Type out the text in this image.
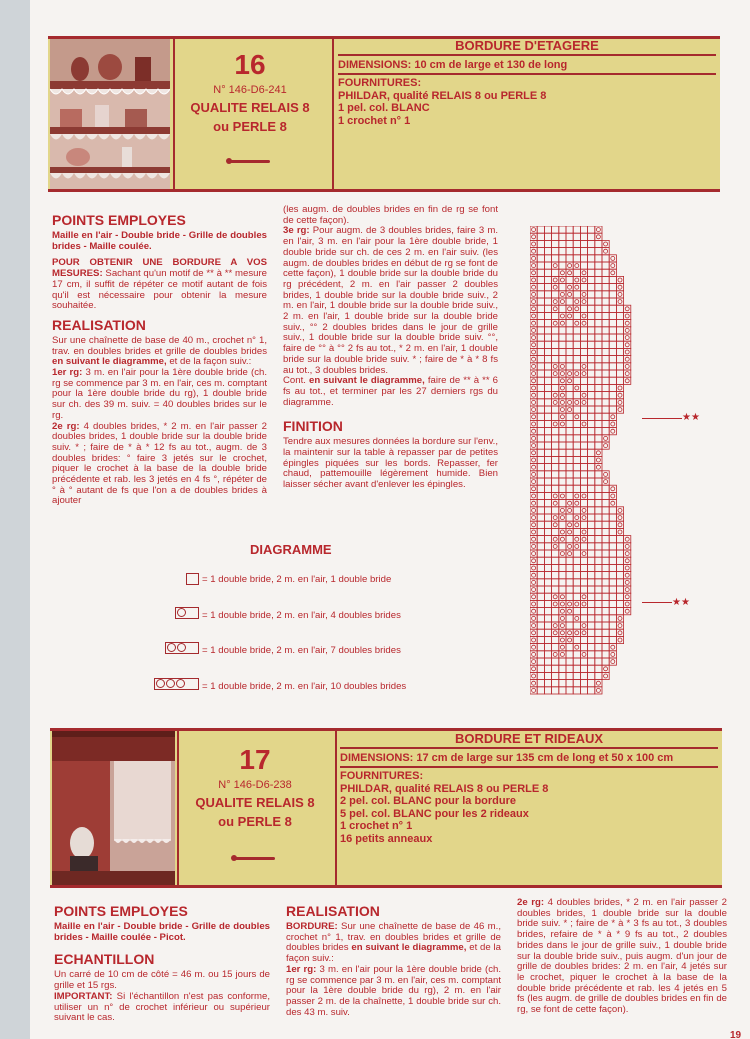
16
N° 146-D6-241
QUALITE RELAIS 8
ou PERLE 8
BORDURE D'ETAGERE
DIMENSIONS: 10 cm de large et 130 de long
FOURNITURES:
PHILDAR, qualité RELAIS 8 ou PERLE 8
1 pel. col. BLANC
1 crochet n° 1
POINTS EMPLOYES
Maille en l'air - Double bride - Grille de doubles brides - Maille coulée.
POUR OBTENIR UNE BORDURE A VOS MESURES: Sachant qu'un motif de ** à ** mesure 17 cm, il suffit de répéter ce motif autant de fois qu'il est nécessaire pour obtenir la mesure souhaitée.
REALISATION
Sur une chaînette de base de 40 m., crochet n° 1, trav. en doubles brides et grille de doubles brides en suivant le diagramme, et de la façon suiv.:
1er rg: 3 m. en l'air pour la 1ère double bride (ch. rg se commence par 3 m. en l'air, ces m. comptant pour la 1ère double bride du rg), 1 double bride sur ch. des 39 m. suiv. = 40 doubles brides sur le rg.
2e rg: 4 doubles brides, * 2 m. en l'air passer 2 doubles brides, 1 double bride sur la double bride suiv. * ; faire de * à * 12 fs au tot., augm. de 3 doubles brides: ° faire 3 jetés sur le crochet, piquer le crochet à la base de la double bride précédente et rab. les 3 jetés en 4 fs °, répéter de ° à ° autant de fs que l'on a de doubles brides à ajouter
(les augm. de doubles brides en fin de rg se font de cette façon).
3e rg: Pour augm. de 3 doubles brides, faire 3 m. en l'air, 3 m. en l'air pour la 1ère double bride, 1 double bride sur ch. de ces 2 m. en l'air suiv. (les augm. de doubles brides en début de rg se font de cette façon), 1 double bride sur la double bride du rg précédent, 2 m. en l'air passer 2 doubles brides, 1 double bride sur la double bride suiv., 2 m. en l'air, 1 double bride sur la double bride suiv., 2 m. en l'air, 1 double bride sur la double bride suiv., °° 2 doubles brides dans le jour de grille suiv., 1 double bride sur la double bride suiv. °°, faire de °° à °° 2 fs au tot., * 2 m. en l'air, 1 double bride sur la double bride suiv. * ; faire de * à * 8 fs au tot., 3 doubles brides.
Cont. en suivant le diagramme, faire de ** à ** 6 fs au tot., et terminer par les 27 derniers rgs du diagramme.
FINITION
Tendre aux mesures données la bordure sur l'env., la maintenir sur la table à repasser par de petites épingles piquées sur les bords. Repasser, fer chaud, pattemouille légèrement humide. Bien laisser sécher avant d'enlever les épingles.
DIAGRAMME
= 1 double bride, 2 m. en l'air, 1 double bride
= 1 double bride, 2 m. en l'air, 4 doubles brides
= 1 double bride, 2 m. en l'air, 7 doubles brides
= 1 double bride, 2 m. en l'air, 10 doubles brides
★★
★★
17
N° 146-D6-238
QUALITE RELAIS 8
ou PERLE 8
BORDURE ET RIDEAUX
DIMENSIONS: 17 cm de large sur 135 cm de long et 50 x 100 cm
FOURNITURES:
PHILDAR, qualité RELAIS 8 ou PERLE 8
2 pel. col. BLANC pour la bordure
5 pel. col. BLANC pour les 2 rideaux
1 crochet n° 1
16 petits anneaux
POINTS EMPLOYES
Maille en l'air - Double bride - Grille de doubles brides - Maille coulée - Picot.
ECHANTILLON
Un carré de 10 cm de côté = 46 m. ou 15 jours de grille et 15 rgs.
IMPORTANT: Si l'échantillon n'est pas conforme, utiliser un n° de crochet inférieur ou supérieur suivant le cas.
REALISATION
BORDURE: Sur une chaînette de base de 46 m., crochet n° 1, trav. en doubles brides et grille de doubles brides en suivant le diagramme, et de la façon suiv.:
1er rg: 3 m. en l'air pour la 1ère double bride (ch. rg se commence par 3 m. en l'air, ces m. comptant pour la 1ère double bride du rg), 2 m. en l'air passer 2 m. de la chaînette, 1 double bride sur ch. des 43 m. suiv.
2e rg: 4 doubles brides, * 2 m. en l'air passer 2 doubles brides, 1 double bride sur la double bride suiv. * ; faire de * à * 3 fs au tot., 3 doubles brides, refaire de * à * 9 fs au tot., 2 doubles brides dans le jour de grille suiv., 1 double bride sur la double bride suiv., puis augm. d'un jour de grille de doubles brides: 2 m. en l'air, 4 jetés sur le crochet, piquer le crochet à la base de la double bride précédente et rab. les 4 jetés en 5 fs (les augm. de grille de doubles brides en fin de rg, se font de cette façon).
19
